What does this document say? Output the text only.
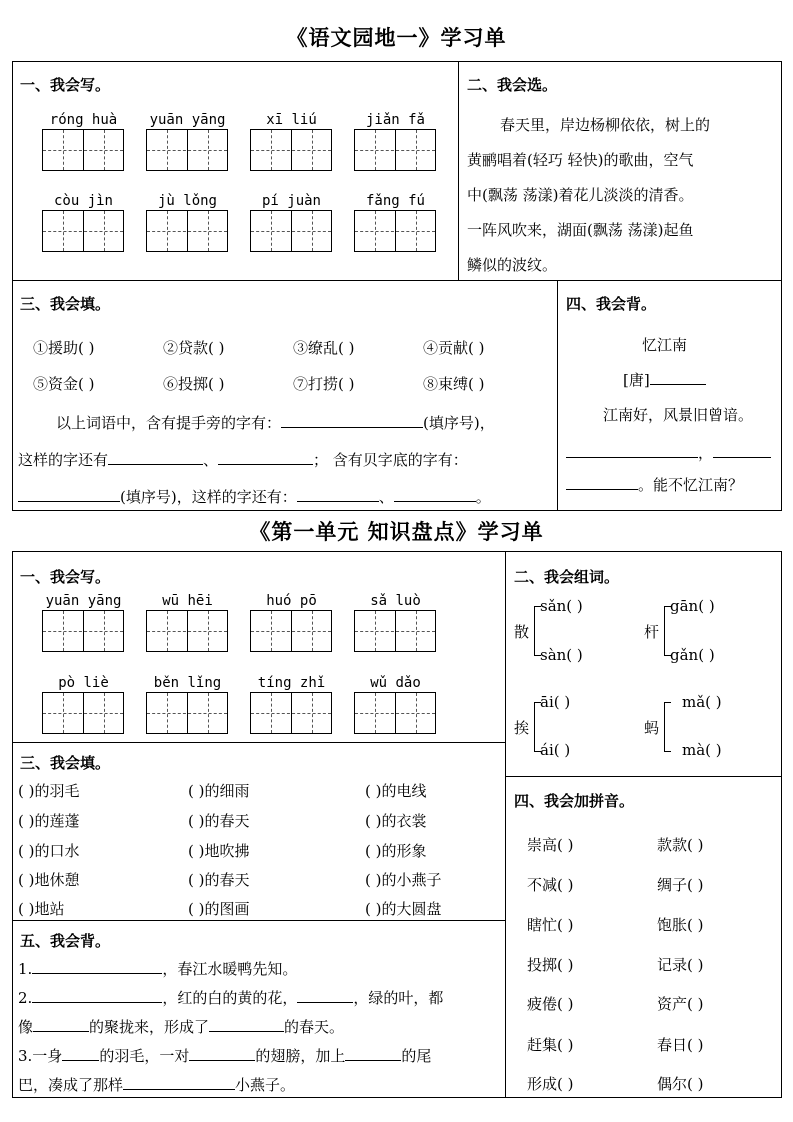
《语文园地一》学习单
一、我会写。
róng huà	yuān yāng	xī liú	jiǎn fǎ
còu jìn	jù lǒng	pí juàn	fǎng fú
二、我会选。
春天里，岸边杨柳依依，树上的
黄鹂唱着(轻巧 轻快)的歌曲，空气
中(飘荡 荡漾)着花儿淡淡的清香。
一阵风吹来，湖面(飘荡 荡漾)起鱼
鳞似的波纹。
三、我会填。
①援助( )	②贷款( )	③缭乱( )	④贡献( )
⑤资金( )	⑥投掷( )	⑦打捞( )	⑧束缚( )
以上词语中，含有提手旁的字有：	(填序号)，
这样的字还有	、	； 含有贝字底的字有：
(填序号)，这样的字还有：	、	。
四、我会背。
忆江南
[唐]
江南好，风景旧曾谙。
，
。能不忆江南？
《第一单元 知识盘点》学习单
一、我会写。
yuān yāng	wū hēi	huó pō	sǎ luò
pò liè	běn lǐng	tíng zhǐ	wǔ dǎo
二、我会组词。
散
sǎn( )
sàn( )
杆
gān( )
gǎn( )
挨
āi( )
ái( )
蚂
mǎ( )
mà( )
三、我会填。
( )的羽毛	( )的细雨	( )的电线
( )的莲蓬	( )的春天	( )的衣裳
( )的口水	( )地吹拂	( )的形象
( )地休憩	( )的春天	( )的小燕子
( )地站	( )的图画	( )的大圆盘
四、我会加拼音。
崇高( )	款款( )
不减( )	绸子( )
瞎忙( )	饱胀( )
投掷( )	记录( )
疲倦( )	资产( )
赶集( )	春日( )
形成( )	偶尔( )
五、我会背。
1.	，春江水暖鸭先知。
2.	，红的白的黄的花，	，绿的叶，都
像	的聚拢来，形成了	的春天。
3.一身 的羽毛，一对	的翅膀，加上	的尾
巴，凑成了那样	小燕子。
